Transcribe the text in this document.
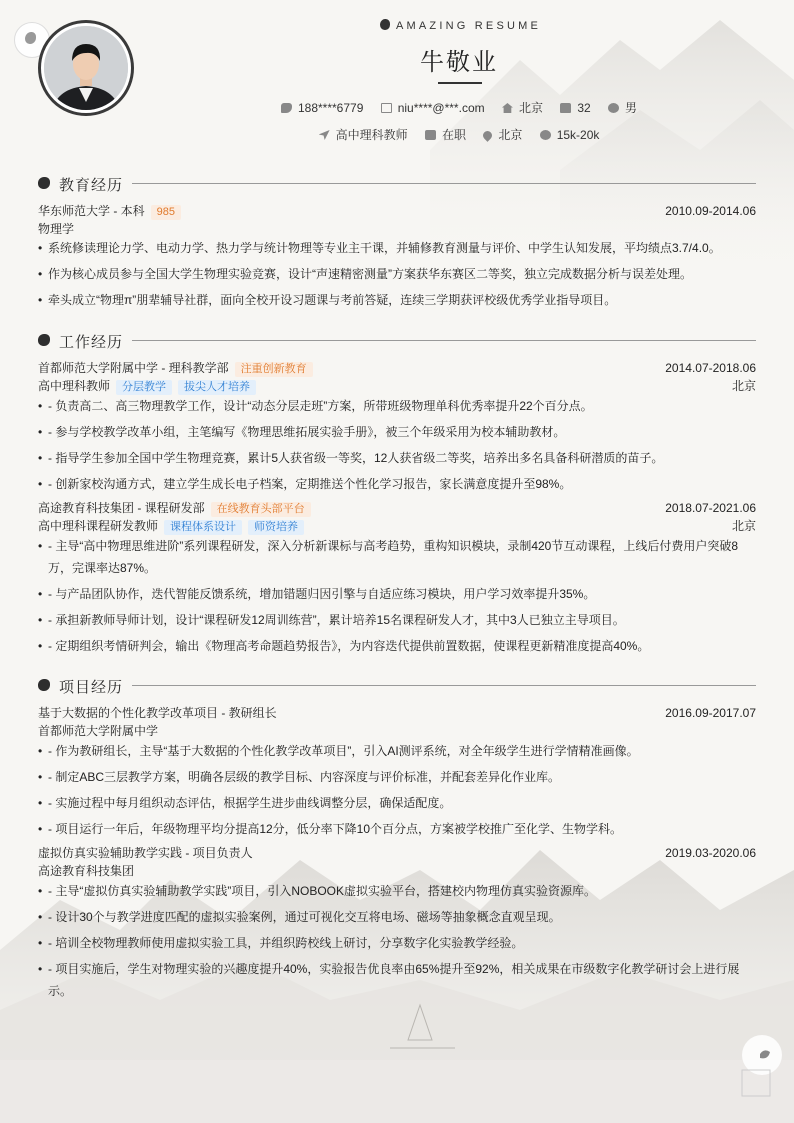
AMAZING RESUME
牛敬业
188****6779	niu****@***.com	北京	32	男
高中理科教师	在职	北京	15k-20k
教育经历
华东师范大学 - 本科 985	2010.09-2014.06
物理学
• 系统修读理论力学、电动力学、热力学与统计物理等专业主干课，并辅修教育测量与评价、中学生认知发展，平均绩点3.7/4.0。
• 作为核心成员参与全国大学生物理实验竞赛，设计“声速精密测量”方案获华东赛区二等奖，独立完成数据分析与误差处理。
• 牵头成立“物理π”朋辈辅导社群，面向全校开设习题课与考前答疑，连续三学期获评校级优秀学业指导项目。
工作经历
首都师范大学附属中学 - 理科教学部 注重创新教育	2014.07-2018.06
高中理科教师 分层教学 拔尖人才培养	北京
• - 负责高二、高三物理教学工作，设计“动态分层走班”方案，所带班级物理单科优秀率提升22个百分点。
• - 参与学校教学改革小组，主笔编写《物理思维拓展实验手册》，被三个年级采用为校本辅助教材。
• - 指导学生参加全国中学生物理竞赛，累计5人获省级一等奖，12人获省级二等奖，培养出多名具备科研潜质的苗子。
• - 创新家校沟通方式，建立学生成长电子档案，定期推送个性化学习报告，家长满意度提升至98%。
高途教育科技集团 - 课程研发部 在线教育头部平台	2018.07-2021.06
高中理科课程研发教师 课程体系设计 师资培养	北京
• - 主导“高中物理思维进阶”系列课程研发，深入分析新课标与高考趋势，重构知识模块，录制420节互动课程，上线后付费用户突破8万，完课率达87%。
• - 与产品团队协作，迭代智能反馈系统，增加错题归因引擎与自适应练习模块，用户学习效率提升35%。
• - 承担新教师导师计划，设计“课程研发12周训练营”，累计培养15名课程研发人才，其中3人已独立主导项目。
• - 定期组织考情研判会，输出《物理高考命题趋势报告》，为内容迭代提供前置数据，使课程更新精准度提高40%。
项目经历
基于大数据的个性化教学改革项目 - 教研组长	2016.09-2017.07
首都师范大学附属中学
• - 作为教研组长，主导“基于大数据的个性化教学改革项目”，引入AI测评系统，对全年级学生进行学情精准画像。
• - 制定ABC三层教学方案，明确各层级的教学目标、内容深度与评价标准，并配套差异化作业库。
• - 实施过程中每月组织动态评估，根据学生进步曲线调整分层，确保适配度。
• - 项目运行一年后，年级物理平均分提高12分，低分率下降10个百分点，方案被学校推广至化学、生物学科。
虚拟仿真实验辅助教学实践 - 项目负责人	2019.03-2020.06
高途教育科技集团
• - 主导“虚拟仿真实验辅助教学实践”项目，引入NOBOOK虚拟实验平台，搭建校内物理仿真实验资源库。
• - 设计30个与教学进度匹配的虚拟实验案例，通过可视化交互将电场、磁场等抽象概念直观呈现。
• - 培训全校物理教师使用虚拟实验工具，并组织跨校线上研讨，分享数字化实验教学经验。
• - 项目实施后，学生对物理实验的兴趣度提升40%，实验报告优良率由65%提升至92%，相关成果在市级数字化教学研讨会上进行展示。
